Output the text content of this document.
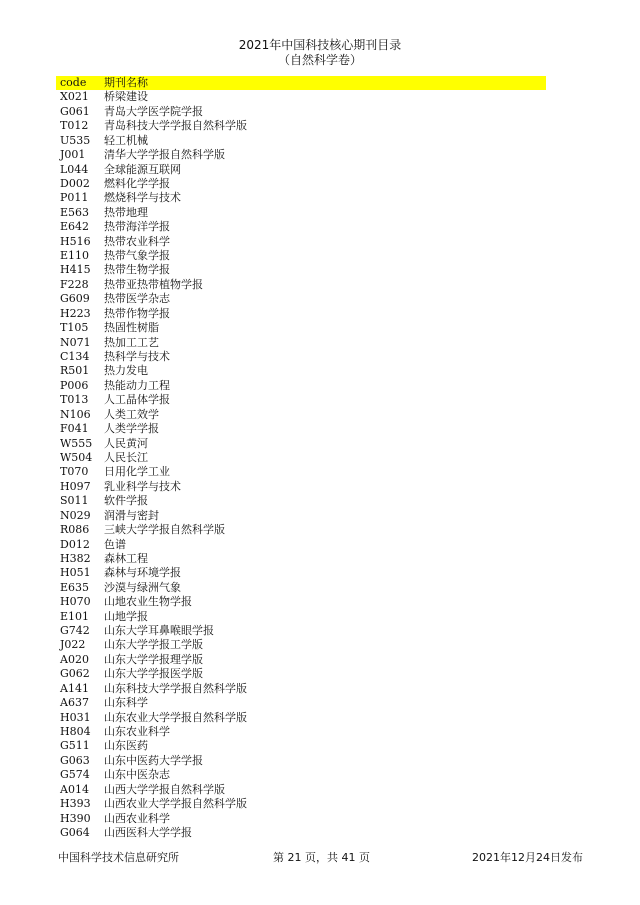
2021年中国科技核心期刊目录
（自然科学卷）
code	期刊名称
X021	桥梁建设
G061	青岛大学医学院学报
T012	青岛科技大学学报自然科学版
U535	轻工机械
J001	清华大学学报自然科学版
L044	全球能源互联网
D002	燃料化学学报
P011	燃烧科学与技术
E563	热带地理
E642	热带海洋学报
H516	热带农业科学
E110	热带气象学报
H415	热带生物学报
F228	热带亚热带植物学报
G609	热带医学杂志
H223	热带作物学报
T105	热固性树脂
N071	热加工工艺
C134	热科学与技术
R501	热力发电
P006	热能动力工程
T013	人工晶体学报
N106	人类工效学
F041	人类学学报
W555	人民黄河
W504	人民长江
T070	日用化学工业
H097	乳业科学与技术
S011	软件学报
N029	润滑与密封
R086	三峡大学学报自然科学版
D012	色谱
H382	森林工程
H051	森林与环境学报
E635	沙漠与绿洲气象
H070	山地农业生物学报
E101	山地学报
G742	山东大学耳鼻喉眼学报
J022	山东大学学报工学版
A020	山东大学学报理学版
G062	山东大学学报医学版
A141	山东科技大学学报自然科学版
A637	山东科学
H031	山东农业大学学报自然科学版
H804	山东农业科学
G511	山东医药
G063	山东中医药大学学报
G574	山东中医杂志
A014	山西大学学报自然科学版
H393	山西农业大学学报自然科学版
H390	山西农业科学
G064	山西医科大学学报
中国科学技术信息研究所	第 21 页，共 41 页	2021年12月24日发布
